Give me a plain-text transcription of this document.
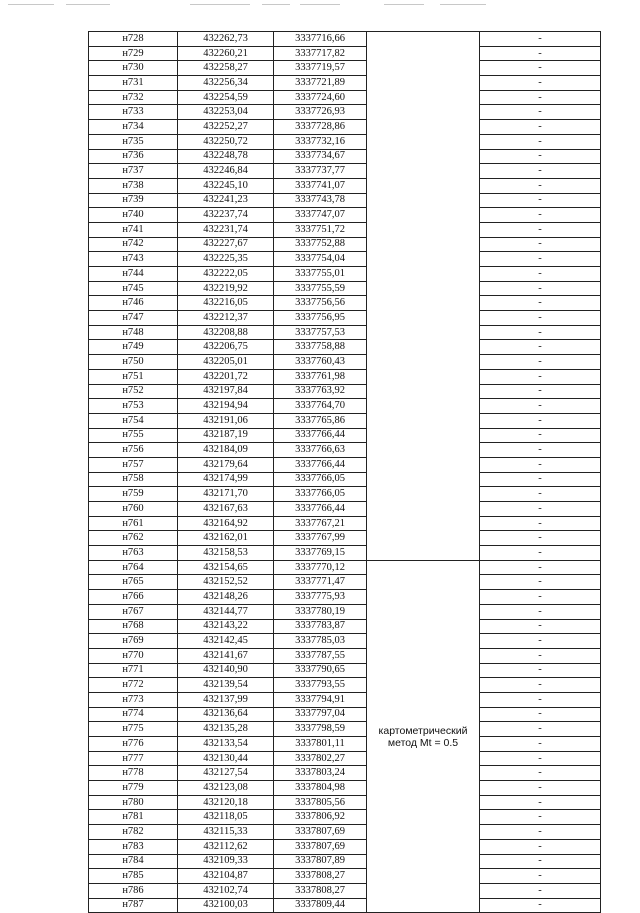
н728	432262,73	3337716,66		-
н729	432260,21	3337717,82		-
н730	432258,27	3337719,57		-
н731	432256,34	3337721,89		-
н732	432254,59	3337724,60		-
н733	432253,04	3337726,93		-
н734	432252,27	3337728,86		-
н735	432250,72	3337732,16		-
н736	432248,78	3337734,67		-
н737	432246,84	3337737,77		-
н738	432245,10	3337741,07		-
н739	432241,23	3337743,78		-
н740	432237,74	3337747,07		-
н741	432231,74	3337751,72		-
н742	432227,67	3337752,88		-
н743	432225,35	3337754,04		-
н744	432222,05	3337755,01		-
н745	432219,92	3337755,59		-
н746	432216,05	3337756,56		-
н747	432212,37	3337756,95		-
н748	432208,88	3337757,53		-
н749	432206,75	3337758,88		-
н750	432205,01	3337760,43		-
н751	432201,72	3337761,98		-
н752	432197,84	3337763,92		-
н753	432194,94	3337764,70		-
н754	432191,06	3337765,86		-
н755	432187,19	3337766,44		-
н756	432184,09	3337766,63		-
н757	432179,64	3337766,44		-
н758	432174,99	3337766,05		-
н759	432171,70	3337766,05		-
н760	432167,63	3337766,44		-
н761	432164,92	3337767,21		-
н762	432162,01	3337767,99		-
н763	432158,53	3337769,15		-
н764	432154,65	3337770,12	картометрический
метод Mt = 0.5	-
н765	432152,52	3337771,47		-
н766	432148,26	3337775,93		-
н767	432144,77	3337780,19		-
н768	432143,22	3337783,87		-
н769	432142,45	3337785,03		-
н770	432141,67	3337787,55		-
н771	432140,90	3337790,65		-
н772	432139,54	3337793,55		-
н773	432137,99	3337794,91		-
н774	432136,64	3337797,04		-
н775	432135,28	3337798,59		-
н776	432133,54	3337801,11		-
н777	432130,44	3337802,27		-
н778	432127,54	3337803,24		-
н779	432123,08	3337804,98		-
н780	432120,18	3337805,56		-
н781	432118,05	3337806,92		-
н782	432115,33	3337807,69		-
н783	432112,62	3337807,69		-
н784	432109,33	3337807,89		-
н785	432104,87	3337808,27		-
н786	432102,74	3337808,27		-
н787	432100,03	3337809,44		-
